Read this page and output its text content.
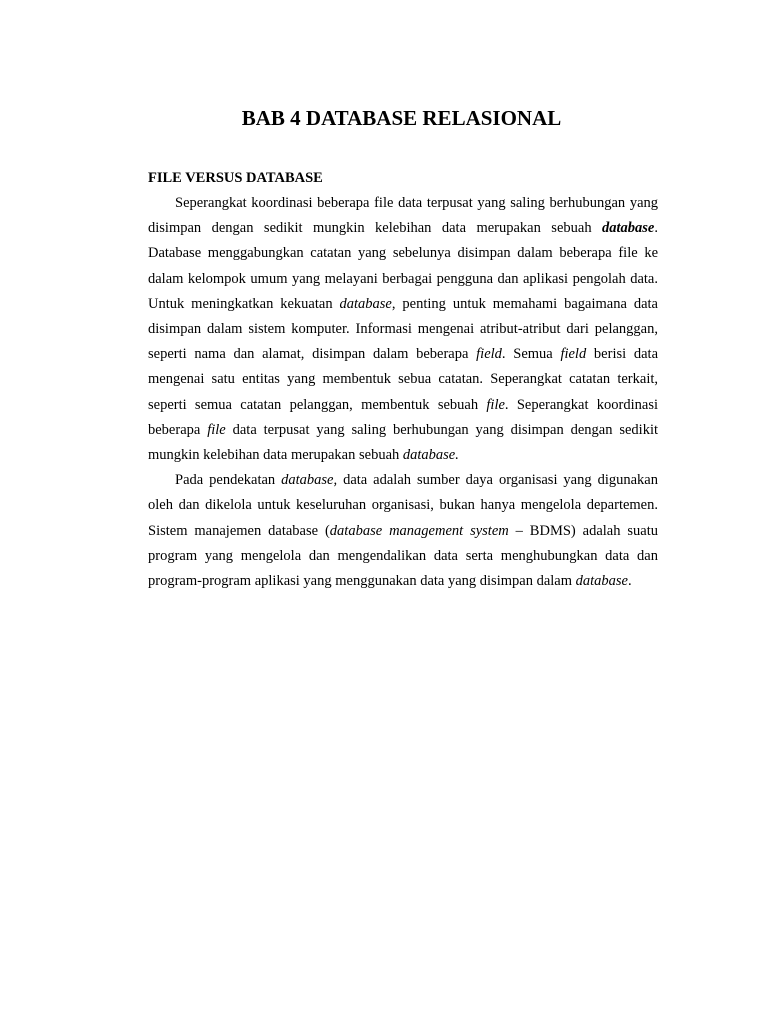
BAB 4 DATABASE RELASIONAL
FILE VERSUS DATABASE

Seperangkat koordinasi beberapa file data terpusat yang saling berhubungan yang disimpan dengan sedikit mungkin kelebihan data merupakan sebuah database. Database menggabungkan catatan yang sebelunya disimpan dalam beberapa file ke dalam kelompok umum yang melayani berbagai pengguna dan aplikasi pengolah data. Untuk meningkatkan kekuatan database, penting untuk memahami bagaimana data disimpan dalam sistem komputer. Informasi mengenai atribut-atribut dari pelanggan, seperti nama dan alamat, disimpan dalam beberapa field. Semua field berisi data mengenai satu entitas yang membentuk sebua catatan. Seperangkat catatan terkait, seperti semua catatan pelanggan, membentuk sebuah file. Seperangkat koordinasi beberapa file data terpusat yang saling berhubungan yang disimpan dengan sedikit mungkin kelebihan data merupakan sebuah database.

Pada pendekatan database, data adalah sumber daya organisasi yang digunakan oleh dan dikelola untuk keseluruhan organisasi, bukan hanya mengelola departemen. Sistem manajemen database (database management system – BDMS) adalah suatu program yang mengelola dan mengendalikan data serta menghubungkan data dan program-program aplikasi yang menggunakan data yang disimpan dalam database.
